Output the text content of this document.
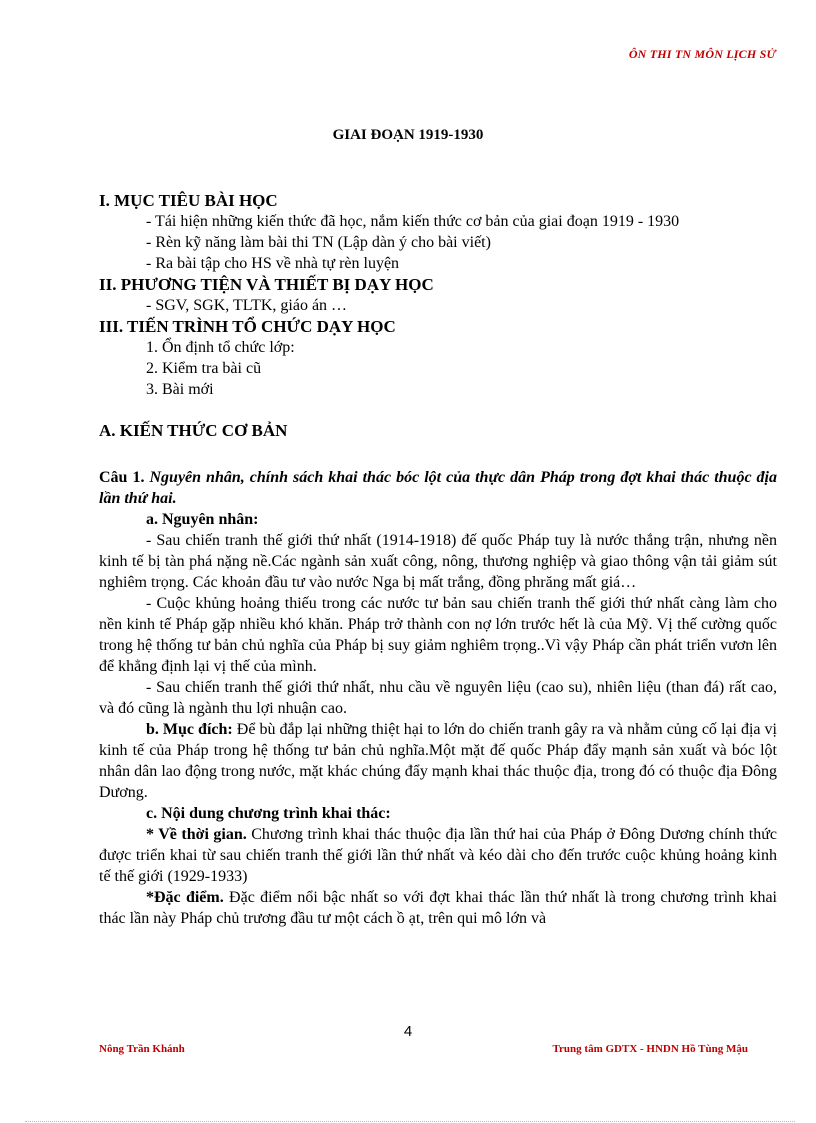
ÔN THI TN MÔN LỊCH SỬ
GIAI ĐOẠN 1919-1930

I. MỤC TIÊU BÀI HỌC

- Tái hiện những kiến thức đã học, nắm kiến thức cơ bản của giai đoạn 1919 - 1930

- Rèn kỹ năng làm bài thi TN (Lập dàn ý cho bài viết)

- Ra bài tập cho HS về nhà tự rèn luyện

II. PHƯƠNG TIỆN VÀ THIẾT BỊ DẠY HỌC

- SGV, SGK, TLTK, giáo án …

III. TIẾN TRÌNH TỔ CHỨC DẠY HỌC

1. Ổn định tổ chức lớp:

2. Kiểm tra bài cũ

3. Bài mới

A. KIẾN THỨC CƠ BẢN

Câu 1. Nguyên nhân, chính sách khai thác bóc lột của thực dân Pháp trong đợt khai thác thuộc địa lần thứ hai.

a. Nguyên nhân:

- Sau chiến tranh thế giới thứ nhất (1914-1918) đế quốc Pháp tuy là nước thắng trận, nhưng nền kinh tế bị tàn phá nặng nề.Các ngành sản xuất công, nông, thương nghiệp và giao thông vận tải giảm sút nghiêm trọng. Các khoản đầu tư vào nước Nga bị mất trắng, đồng phrăng mất giá…

- Cuộc khủng hoảng thiếu trong các nước tư bản sau chiến tranh thế giới thứ nhất càng làm cho nền kinh tế Pháp gặp nhiều khó khăn. Pháp trở thành con nợ lớn trước hết là của Mỹ. Vị thế cường quốc trong hệ thống tư bản chủ nghĩa của Pháp bị suy giảm nghiêm trọng..Vì vậy Pháp cần phát triển vươn lên để khẳng định lại vị thế của mình.

- Sau chiến tranh thế giới thứ nhất, nhu cầu về nguyên liệu (cao su), nhiên liệu (than đá) rất cao, và đó cũng là ngành thu lợi nhuận cao.

b. Mục đích: Để bù đắp lại những thiệt hại to lớn do chiến tranh gây ra và nhằm củng cố lại địa vị kinh tế của Pháp trong hệ thống tư bản chủ nghĩa.Một mặt đế quốc Pháp đẩy mạnh sản xuất và bóc lột nhân dân lao động trong nước, mặt khác chúng đẩy mạnh khai thác thuộc địa, trong đó có thuộc địa Đông Dương.

c. Nội dung chương trình khai thác:

* Về thời gian. Chương trình khai thác thuộc địa lần thứ hai của Pháp ở Đông Dương chính thức được triển khai từ sau chiến tranh thế giới lần thứ nhất và kéo dài cho đến trước cuộc khủng hoảng kinh tế thế giới (1929-1933)

*Đặc điểm. Đặc điểm nổi bậc nhất so với đợt khai thác lần thứ nhất là trong chương trình khai thác lần này Pháp chủ trương đầu tư một cách ồ ạt, trên qui mô lớn và

4
Nông Trần Khánh	Trung tâm GDTX - HNDN Hồ Tùng Mậu
